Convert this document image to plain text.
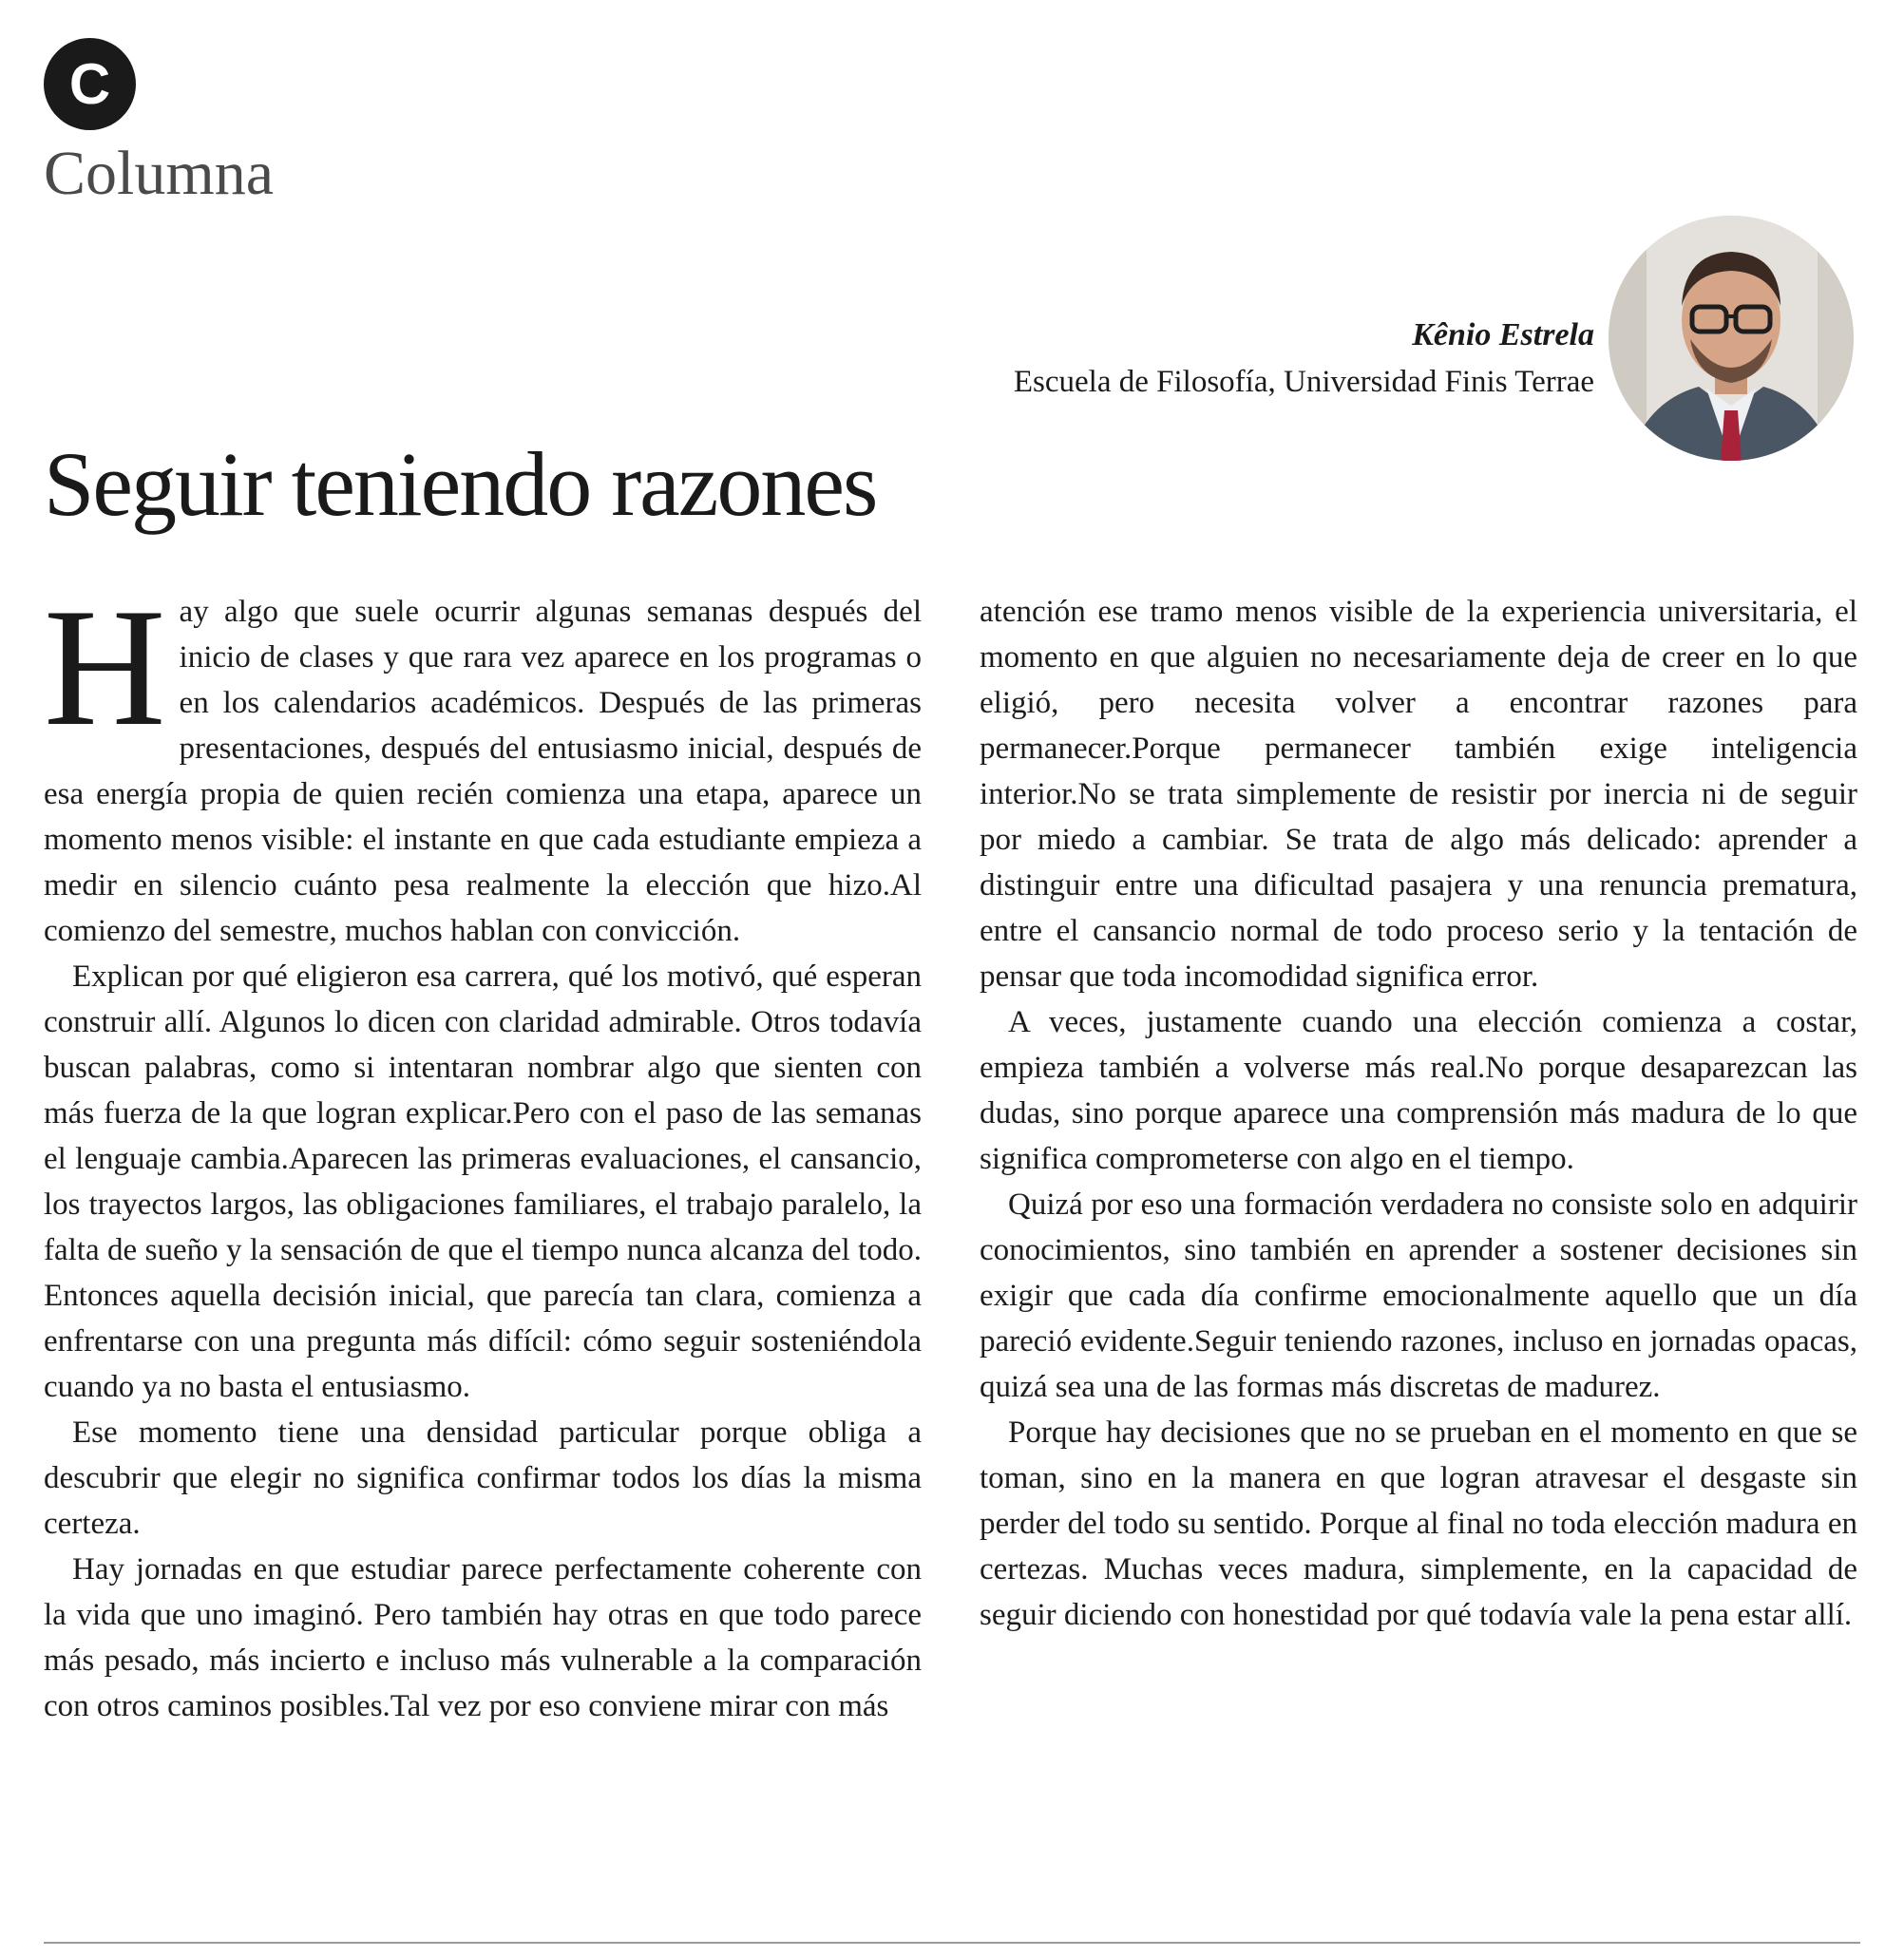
C
Columna
Kênio Estrela
Escuela de Filosofía, Universidad Finis Terrae
Seguir teniendo razones

Hay algo que suele ocurrir algunas semanas después del inicio de clases y que rara vez aparece en los programas o en los calendarios académicos. Después de las primeras presentaciones, después del entusiasmo inicial, después de esa energía propia de quien recién comienza una etapa, aparece un momento menos visible: el instante en que cada estudiante empieza a medir en silencio cuánto pesa realmente la elección que hizo.Al comienzo del semestre, muchos hablan con convicción.

Explican por qué eligieron esa carrera, qué los motivó, qué esperan construir allí. Algunos lo dicen con claridad admirable. Otros todavía buscan palabras, como si intentaran nombrar algo que sienten con más fuerza de la que logran explicar.Pero con el paso de las semanas el lenguaje cambia.Aparecen las primeras evaluaciones, el cansancio, los trayectos largos, las obligaciones familiares, el trabajo paralelo, la falta de sueño y la sensación de que el tiempo nunca alcanza del todo. Entonces aquella decisión inicial, que parecía tan clara, comienza a enfrentarse con una pregunta más difícil: cómo seguir sosteniéndola cuando ya no basta el entusiasmo.

Ese momento tiene una densidad particular porque obliga a descubrir que elegir no significa confirmar todos los días la misma certeza.

Hay jornadas en que estudiar parece perfectamente coherente con la vida que uno imaginó. Pero también hay otras en que todo parece más pesado, más incierto e incluso más vulnerable a la comparación con otros caminos posibles.Tal vez por eso conviene mirar con más

atención ese tramo menos visible de la experiencia universitaria, el momento en que alguien no necesariamente deja de creer en lo que eligió, pero necesita volver a encontrar razones para permanecer.Porque permanecer también exige inteligencia interior.No se trata simplemente de resistir por inercia ni de seguir por miedo a cambiar. Se trata de algo más delicado: aprender a distinguir entre una dificultad pasajera y una renuncia prematura, entre el cansancio normal de todo proceso serio y la tentación de pensar que toda incomodidad significa error.

A veces, justamente cuando una elección comienza a costar, empieza también a volverse más real.No porque desaparezcan las dudas, sino porque aparece una comprensión más madura de lo que significa comprometerse con algo en el tiempo.

Quizá por eso una formación verdadera no consiste solo en adquirir conocimientos, sino también en aprender a sostener decisiones sin exigir que cada día confirme emocionalmente aquello que un día pareció evidente.Seguir teniendo razones, incluso en jornadas opacas, quizá sea una de las formas más discretas de madurez.

Porque hay decisiones que no se prueban en el momento en que se toman, sino en la manera en que logran atravesar el desgaste sin perder del todo su sentido. Porque al final no toda elección madura en certezas. Muchas veces madura, simplemente, en la capacidad de seguir diciendo con honestidad por qué todavía vale la pena estar allí.
